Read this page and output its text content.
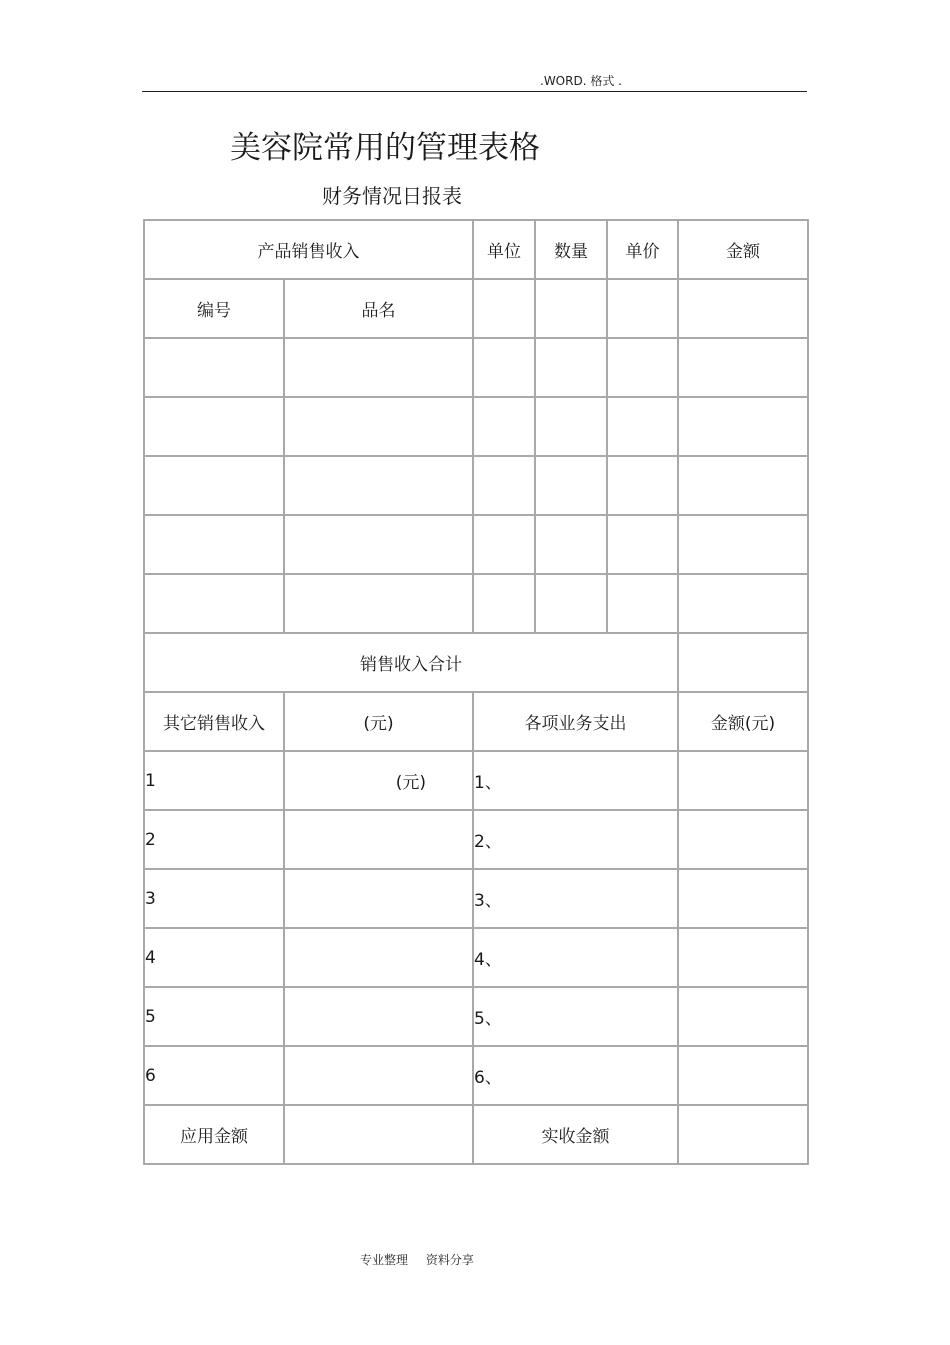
.WORD. 格式 .
美容院常用的管理表格
财务情况日报表
产品销售收入		单位	数量	单价	金额
编号	品名				

销售收入合计					
其它销售收入	(元)	各项业务支出			金额(元)
1	(元)	1、			
2		2、			
3		3、			
4		4、			
5		5、			
6		6、			
应用金额		实收金额			
专业整理 资料分享
